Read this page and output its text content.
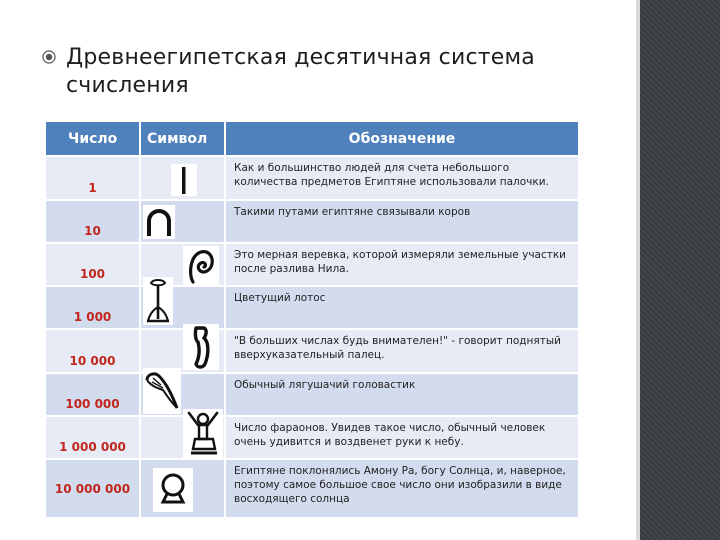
Древнеегипетская десятичная система счисления
Число	Символ	Обозначение
1		Как и большинство людей для счета небольшого количества предметов Египтяне использовали палочки.
10		Такими путами египтяне связывали коров
100		Это мерная веревка, которой измеряли земельные участки после разлива Нила.
1 000		Цветущий лотос
10 000		"В больших числах будь внимателен!" - говорит поднятый вверхуказательный палец.
100 000		Обычный лягушачий головастик
1 000 000		Число фараонов. Увидев такое число, обычный человек очень удивится и воздвенет руки к небу.
10 000 000		Египтяне поклонялись Амону Ра, богу Солнца, и, наверное, поэтому самое большое свое число они изобразили в виде восходящего солнца
